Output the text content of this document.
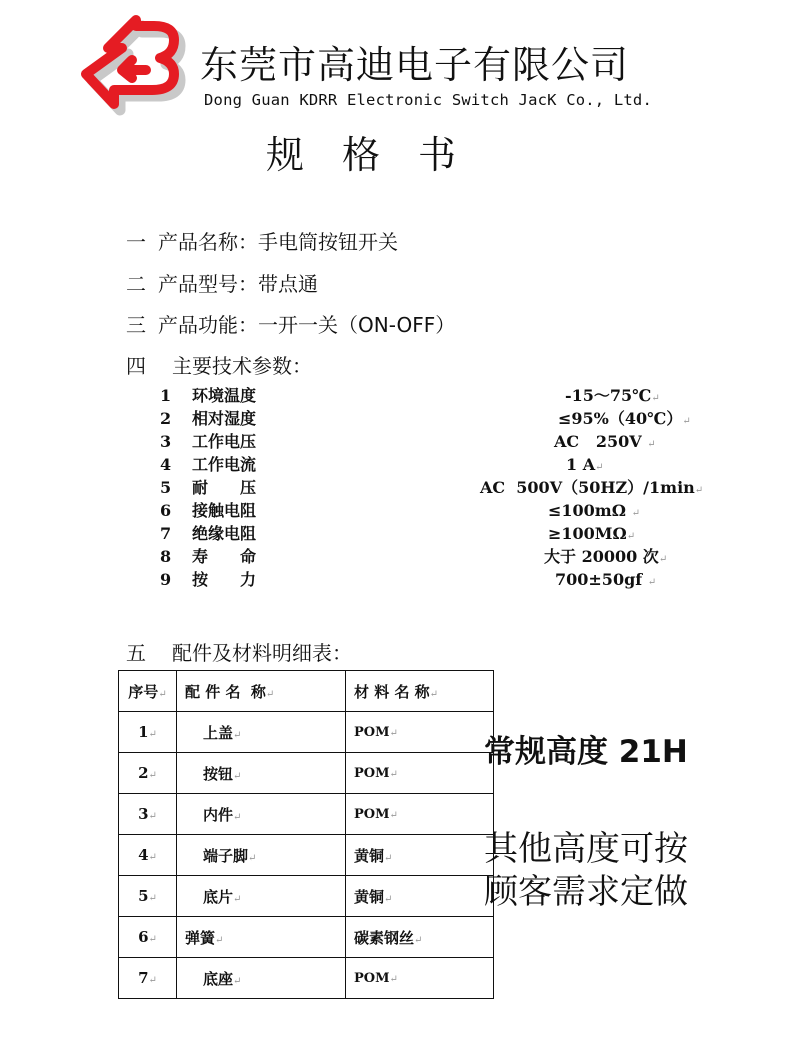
东莞市高迪电子有限公司
Dong Guan KDRR Electronic Switch JacK Co., Ltd.
规 格 书
一 产品名称：手电筒按钮开关
二 产品型号：带点通
三 产品功能：一开一关（ON-OFF）
四 主要技术参数：
1	环境温度	-15～75℃↵
2	相对湿度	≤95%（40℃）↵
3	工作电压	AC   250V ↵
4	工作电流	1 A↵
5	耐　　压	AC  500V（50HZ）/1min↵
6	接触电阻	≤100mΩ ↵
7	绝缘电阻	≥100MΩ↵
8	寿　　命	大于 20000 次↵
9	按　　力	700±50gf ↵
五 配件及材料明细表：
序号↵	配 件 名  称↵	材 料 名 称↵
1↵	上盖↵	POM↵
2↵	按钮↵	POM↵
3↵	内件↵	POM↵
4↵	端子脚↵	黄铜↵
5↵	底片↵	黄铜↵
6↵	弹簧↵	碳素钢丝↵
7↵	底座↵	POM↵
常规高度 21H
其他高度可按
顾客需求定做
